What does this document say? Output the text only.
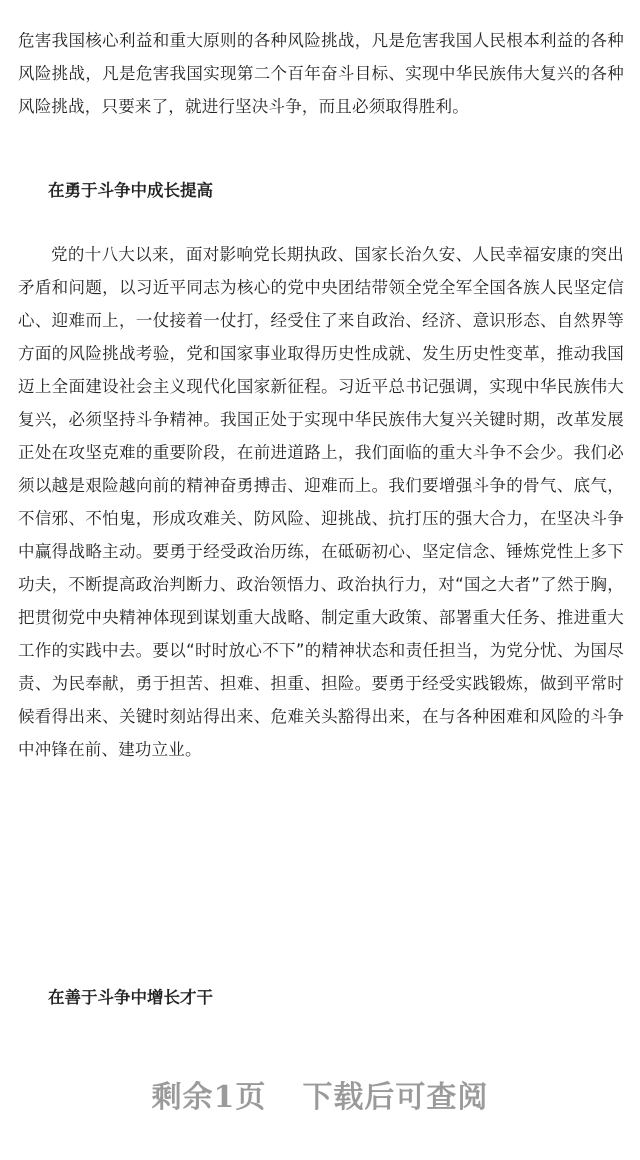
危害我国核心利益和重大原则的各种风险挑战，凡是危害我国人民根本利益的各种风险挑战，凡是危害我国实现第二个百年奋斗目标、实现中华民族伟大复兴的各种风险挑战，只要来了，就进行坚决斗争，而且必须取得胜利。
在勇于斗争中成长提高
党的十八大以来，面对影响党长期执政、国家长治久安、人民幸福安康的突出矛盾和问题，以习近平同志为核心的党中央团结带领全党全军全国各族人民坚定信心、迎难而上，一仗接着一仗打，经受住了来自政治、经济、意识形态、自然界等方面的风险挑战考验，党和国家事业取得历史性成就、发生历史性变革，推动我国迈上全面建设社会主义现代化国家新征程。习近平总书记强调，实现中华民族伟大复兴，必须坚持斗争精神。我国正处于实现中华民族伟大复兴关键时期，改革发展正处在攻坚克难的重要阶段，在前进道路上，我们面临的重大斗争不会少。我们必须以越是艰险越向前的精神奋勇搏击、迎难而上。我们要增强斗争的骨气、底气，不信邪、不怕鬼，形成攻难关、防风险、迎挑战、抗打压的强大合力，在坚决斗争中赢得战略主动。要勇于经受政治历练，在砥砺初心、坚定信念、锤炼党性上多下功夫，不断提高政治判断力、政治领悟力、政治执行力，对“国之大者”了然于胸，把贯彻党中央精神体现到谋划重大战略、制定重大政策、部署重大任务、推进重大工作的实践中去。要以“时时放心不下”的精神状态和责任担当，为党分忧、为国尽责、为民奉献，勇于担苦、担难、担重、担险。要勇于经受实践锻炼，做到平常时候看得出来、关键时刻站得出来、危难关头豁得出来，在与各种困难和风险的斗争中冲锋在前、建功立业。
在善于斗争中增长才干
剩余1页 下载后可查阅
